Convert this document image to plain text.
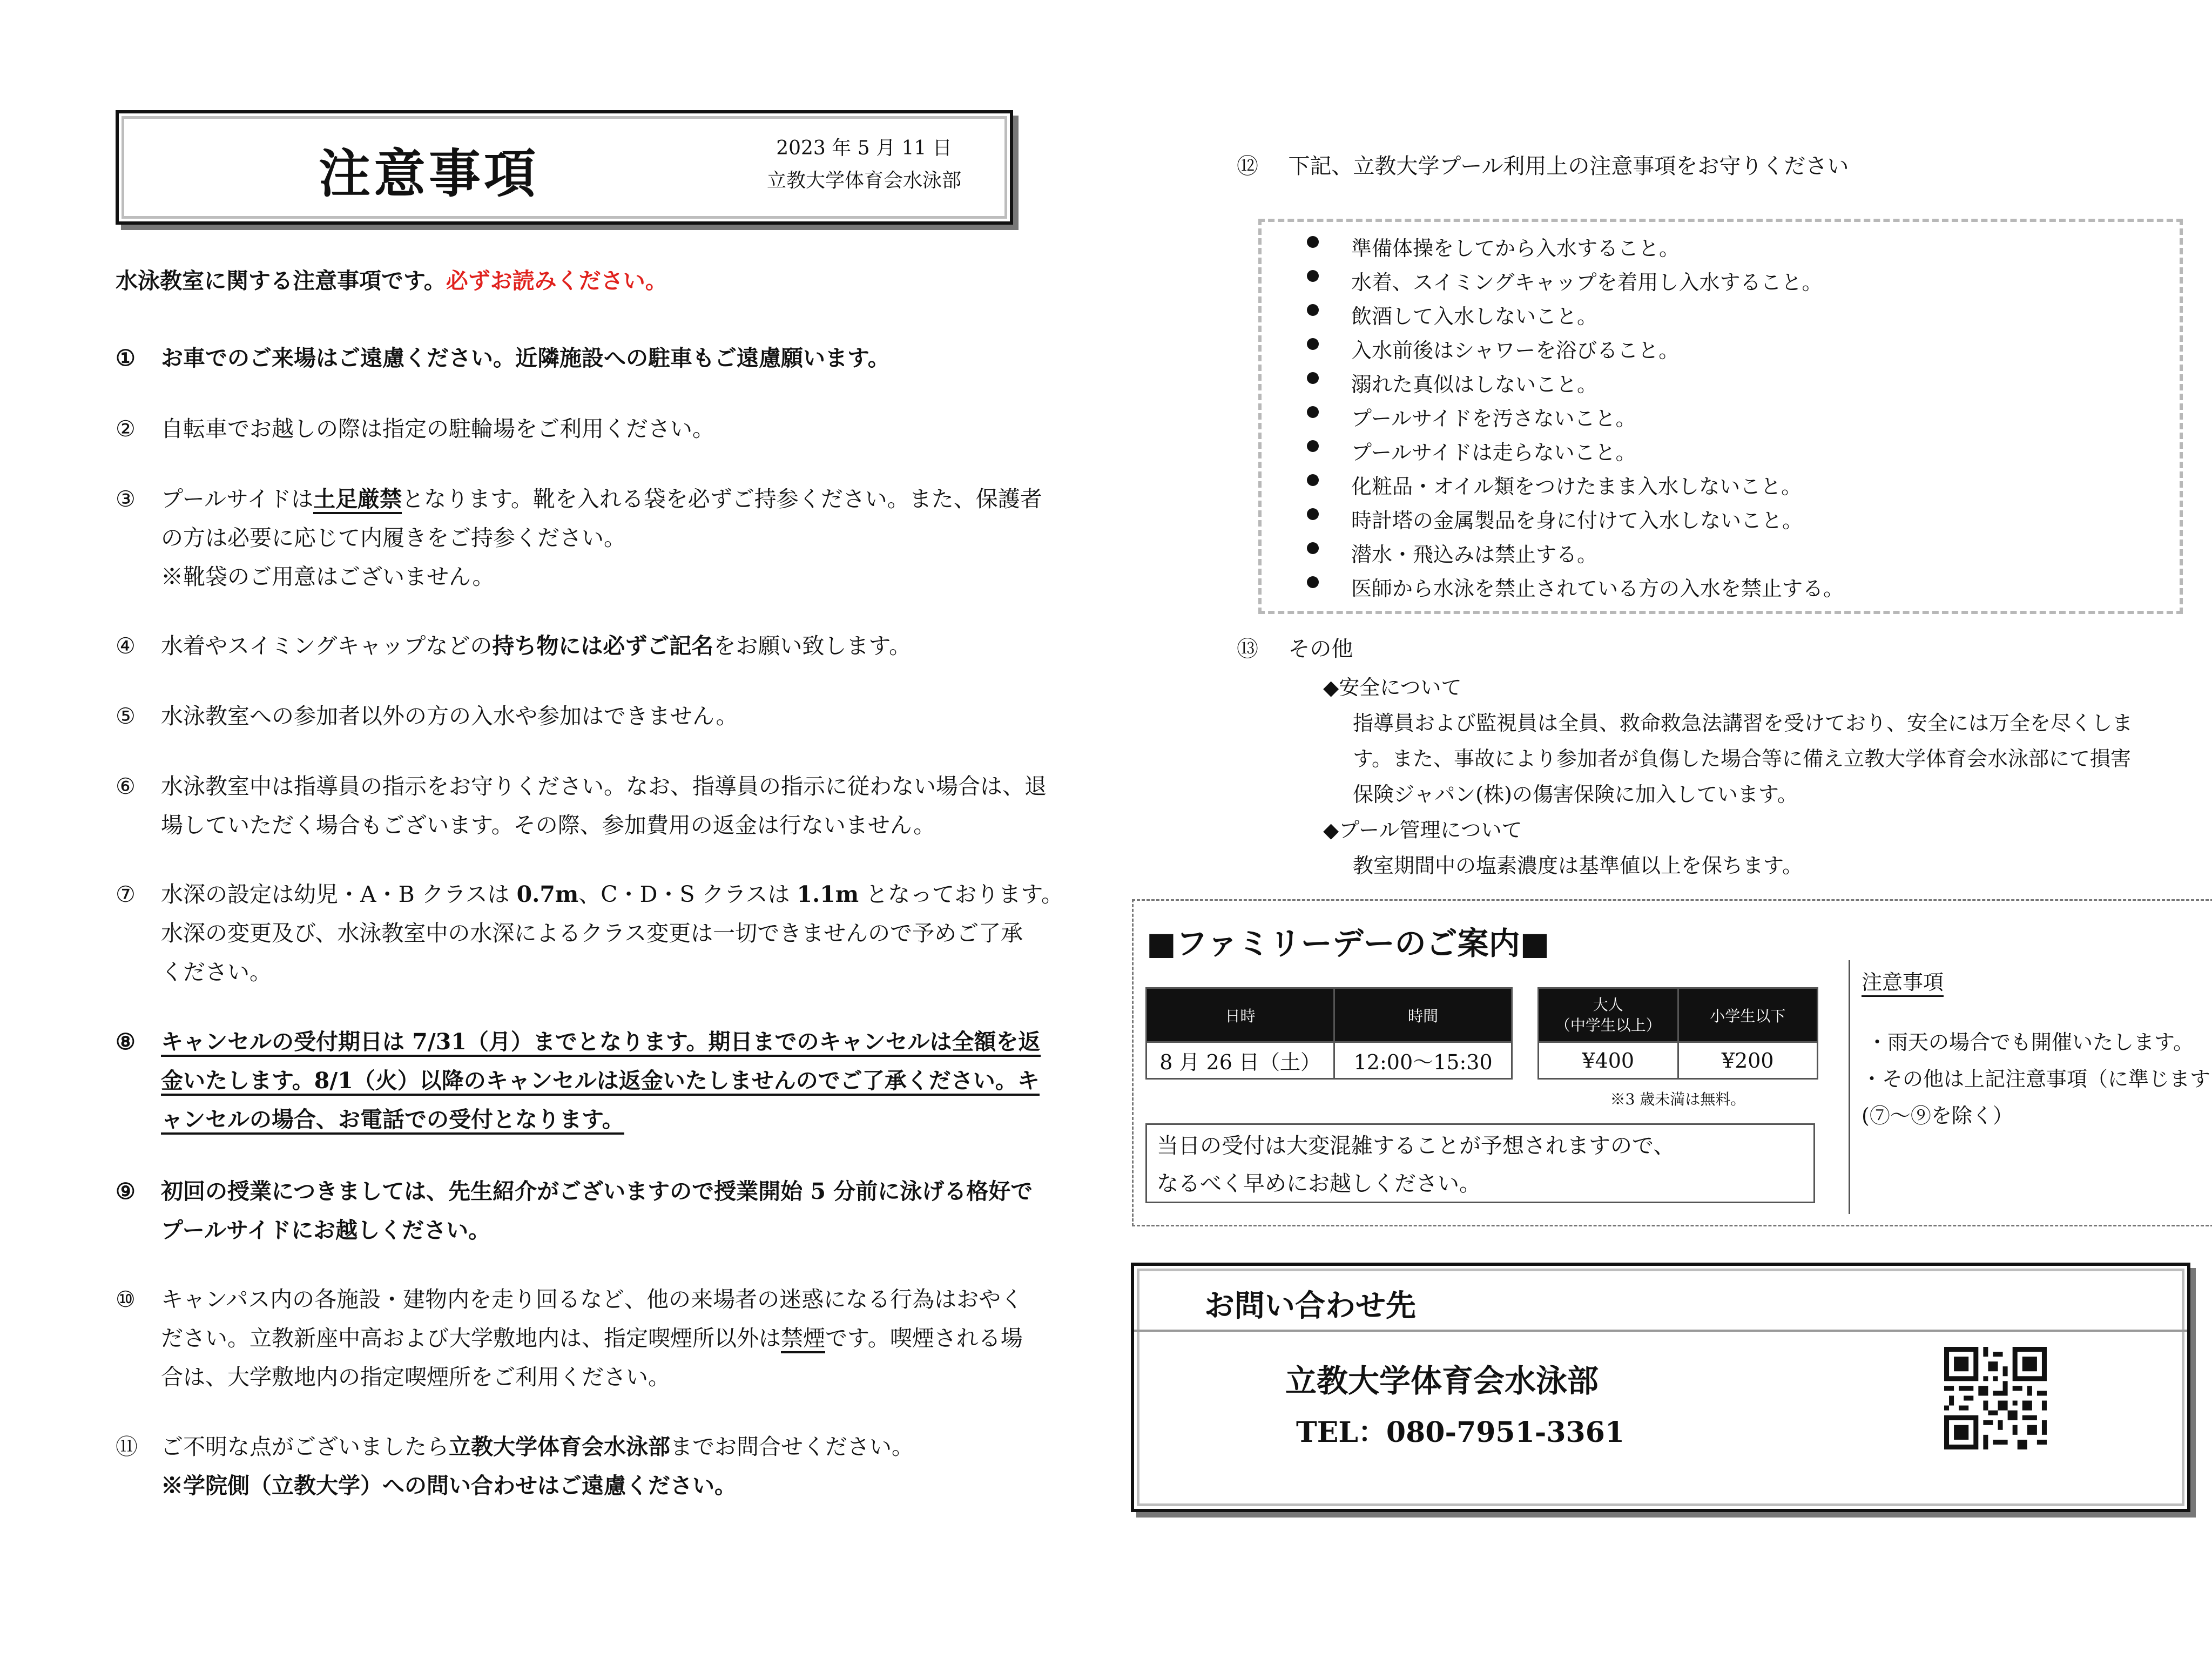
注意事項	2023 年 5 月 11 日
立教大学体育会水泳部
水泳教室に関する注意事項です。必ずお読みください。
①	お車でのご来場はご遠慮ください。近隣施設への駐車もご遠慮願います。
②	自転車でお越しの際は指定の駐輪場をご利用ください。
③	プールサイドは土足厳禁となります。靴を入れる袋を必ずご持参ください。また、保護者
の方は必要に応じて内履きをご持参ください。
※靴袋のご用意はございません。
④	水着やスイミングキャップなどの持ち物には必ずご記名をお願い致します。
⑤	水泳教室への参加者以外の方の入水や参加はできません。
⑥	水泳教室中は指導員の指示をお守りください。なお、指導員の指示に従わない場合は、退
場していただく場合もございます。その際、参加費用の返金は行ないません。
⑦	水深の設定は幼児・A・B クラスは 0.7m、C・D・S クラスは 1.1m となっております。
水深の変更及び、水泳教室中の水深によるクラス変更は一切できませんので予めご了承
ください。
⑧	キャンセルの受付期日は 7/31（月）までとなります。期日までのキャンセルは全額を返
金いたします。8/1（火）以降のキャンセルは返金いたしませんのでご了承ください。キ
ャンセルの場合、お電話での受付となります。
⑨	初回の授業につきましては、先生紹介がございますので授業開始 5 分前に泳げる格好で
プールサイドにお越しください。
⑩	キャンパス内の各施設・建物内を走り回るなど、他の来場者の迷惑になる行為はおやく
ださい。立教新座中高および大学敷地内は、指定喫煙所以外は禁煙です。喫煙される場
合は、大学敷地内の指定喫煙所をご利用ください。
⑪	ご不明な点がございましたら立教大学体育会水泳部までお問合せください。
※学院側（立教大学）への問い合わせはご遠慮ください。
⑫ 下記、立教大学プール利用上の注意事項をお守りください
準備体操をしてから入水すること。
水着、スイミングキャップを着用し入水すること。
飲酒して入水しないこと。
入水前後はシャワーを浴びること。
溺れた真似はしないこと。
プールサイドを汚さないこと。
プールサイドは走らないこと。
化粧品・オイル類をつけたまま入水しないこと。
時計塔の金属製品を身に付けて入水しないこと。
潜水・飛込みは禁止する。
医師から水泳を禁止されている方の入水を禁止する。
⑬ その他
◆安全について
指導員および監視員は全員、救命救急法講習を受けており、安全には万全を尽くしま
す。また、事故により参加者が負傷した場合等に備え立教大学体育会水泳部にて損害
保険ジャパン(株)の傷害保険に加入しています。
◆プール管理について
教室期間中の塩素濃度は基準値以上を保ちます。
■ファミリーデーのご案内■
日時	時間
8 月 26 日（土）	12:00～15:30
大人
（中学生以上）	小学生以下
¥400	¥200
※3 歳未満は無料。
当日の受付は大変混雑することが予想されますので、
なるべく早めにお越しください。
注意事項
・雨天の場合でも開催いたします。
・その他は上記注意事項（に準じます
(⑦～⑨を除く）
お問い合わせ先
立教大学体育会水泳部
TEL：080-7951-3361
